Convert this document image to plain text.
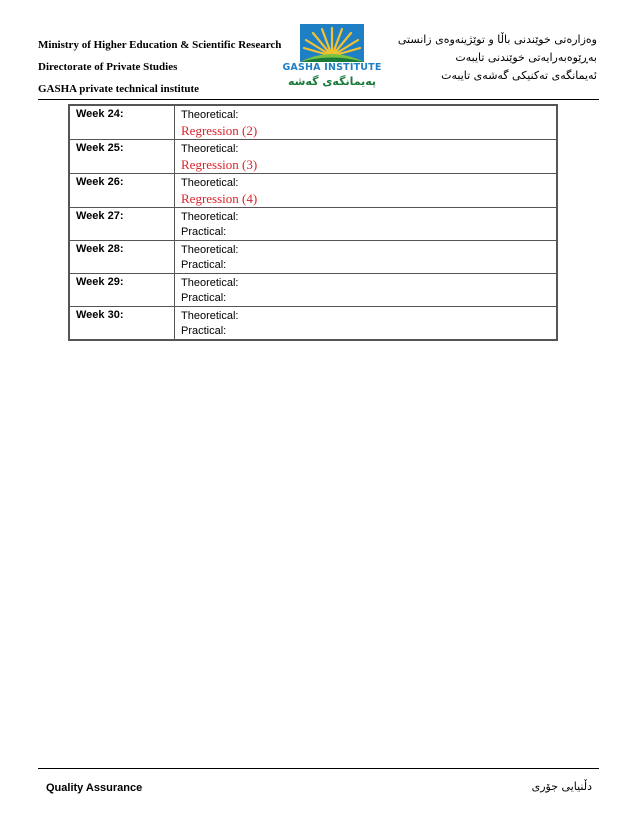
Ministry of Higher Education & Scientific Research
Directorate of Private Studies
GASHA private technical institute
GASHA INSTITUTE
پەیمانگەی گەشە
وەزارەتی خوێندنی باڵا و توێژینەوەی زانستی
بەڕێوەبەرایەتی خوێندنی تایبەت
ئەیمانگەی تەکنیکی گەشەی تایبەت
Week 24:	Theoretical:
Regression (2)

Week 25:	Theoretical:
Regression (3)

Week 26:	Theoretical:
Regression (4)

Week 27:	Theoretical:
Practical:

Week 28:	Theoretical:
Practical:

Week 29:	Theoretical:
Practical:

Week 30:	Theoretical:
Practical:
Quality Assurance	دڵنیایی جۆری
